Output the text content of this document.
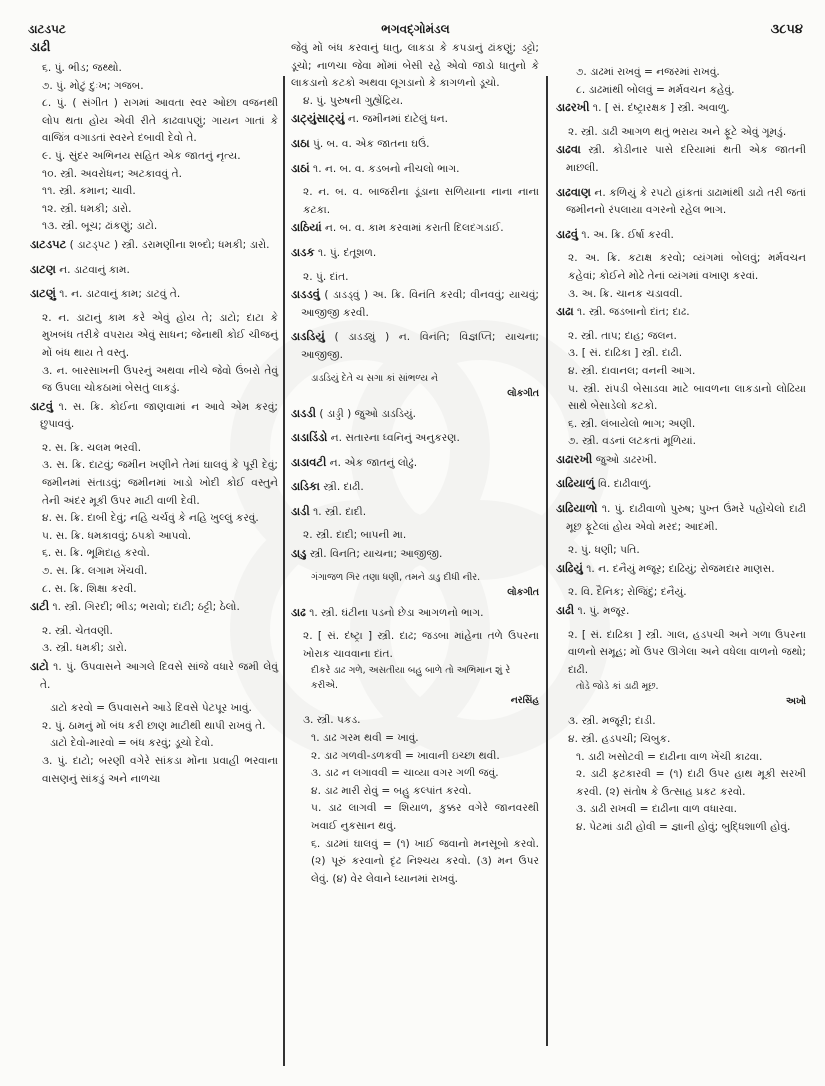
ડાટડપટ	ભગવદ્ગોમંડલ	૩૮૫૪
ડાઢી
૬. પું. ભીડ; જથ્થો.
૭. પું. મોટું દુઃખ; ગજબ.
૮. પું. ( સંગીત ) રાગમાં આવતા સ્વર ઓછા વજનથી લોપ થતા હોય એવી રીતે કાઢવાપણું; ગાયન ગાતાં કે વાજિંત્ર વગાડતાં સ્વરને દબાવી દેવો તે.
૯. પું. સુંદર અભિનય સહિત એક જાતનું નૃત્ય.
૧૦. સ્ત્રી. અવરોધન; અટકાવવું તે.
૧૧. સ્ત્રી. કમાન; ચાવી.
૧૨. સ્ત્રી. ધમકી; ડારો.
૧૩. સ્ત્રી. બૂચ; ઢાંકણું; ડાટો.
ડાટડપટ ( ડાટડ્પટ ) સ્ત્રી. ડરામણીના શબ્દો; ધમકી; ડારો.
ડાટણ ન. ડાટવાનું કામ.
ડાટણું ૧. ન. ડાટવાનું કામ; ડાટવું તે.
૨. ન. ડાટાનું કામ કરે એવું હોય તે; ડાટો; દાટા કે મુખબંધ તરીકે વપરાય એવું સાધન; જેનાથી કોઈ ચીજનું મોં બંધ થાય તે વસ્તુ.
૩. ન. બારસાખની ઉપરનું અથવા નીચે જેવો ઉંબરો તેવું જ ઉપલા ચોકઠામાં બેસતું લાકડું.
ડાટવું ૧. સ. ક્રિ. કોઈના જાણવામાં ન આવે એમ કરવું; છુપાવવું.
૨. સ. ક્રિ. ચલમ ભરવી.
૩. સ. ક્રિ. દાટવું; જમીન ખણીને તેમાં ઘાલવું કે પૂરી દેવું; જમીનમાં સંતાડવું; જમીનમાં ખાડો ખોદી કોઈ વસ્તુને તેની અંદર મૂકી ઉપર માટી વાળી દેવી.
૪. સ. ક્રિ. દાબી દેવું; નહિ ચર્ચવું કે નહિ ખુલ્લું કરવું.
૫. સ. ક્રિ. ધમકાવવું; ઠપકો આપવો.
૬. સ. ક્રિ. ભૂમિદાહ કરવો.
૭. સ. ક્રિ. લગામ ખેંચવી.
૮. સ. ક્રિ. શિક્ષા કરવી.
ડાટી ૧. સ્ત્રી. ગિરદી; ભીડ; ભરાવો; દાટી; ઠટ્ટી; ઠેલો.
૨. સ્ત્રી. ચેતવણી.
૩. સ્ત્રી. ધમકી; ડારો.
ડાટો ૧. પું. ઉપવાસને આગલે દિવસે સાંજે વધારે જમી લેવું તે.
ડાટો કરવો = ઉપવાસને આડે દિવસે પેટપૂર ખાવું.
૨. પું. ઠામનું મોં બંધ કરી છાણ માટીથી થાપી રાખવું તે.
ડાટો દેવો-મારવો = બંધ કરવું; ડૂચો દેવો.
૩. પું. દાટો; બરણી વગેરે સાંકડા મોંના પ્રવાહી ભરવાના વાસણનું સાંકડું અને નાળચા
જેવું મોં બંધ કરવાનું ધાતુ, લાકડા કે કપડાનું ઢાંકણું; ડટ્ટો; ડૂચો; નાળચા જેવા મોંમાં બેસી રહે એવો જાડો ધાતુનો કે લાકડાનો કટકો અથવા લૂગડાનો કે કાગળનો ડૂચો.
૪. પું. પુરુષની ગુહ્યેંદ્રિય.
ડાટ્યુંસાટ્યું ન. જમીનમાં દાટેલું ધન.
ડાઠા પું. બ. વ. એક જાતના ઘઉં.
ડાઠાં ૧. ન. બ. વ. કડબનો નીચલો ભાગ.
૨. ન. બ. વ. બાજરીના ડૂંડાના સળિયાના નાના નાના કટકા.
ડાઠિયાં ન. બ. વ. કામ કરવામાં કરાતી દિલદગડાઈ.
ડાડક ૧. પું. દંતૂશળ.
૨. પું. દાંત.
ડાડડવું ( ડાડડ્વું ) અ. ક્રિ. વિનંતિ કરવી; વીનવવું; યાચવું; આજીજી કરવી.
ડાડડિયું ( ડાડડ્યું ) ન. વિનંતિ; વિજ્ઞપ્તિ; યાચના; આજીજી.
ડાડડિયું દેતે ચ સગા કાં સાંભળ્ય ને

લોકગીત
ડાડડી ( ડાડ્ડી ) જુઓ ડાડડિયું.
ડાડાડિંડો ન. સતારના ધ્વનિનું અનુકરણ.
ડાડાવટી ન. એક જાતનું લોઢું.
ડાડિકા સ્ત્રી. દાઢી.
ડાડી ૧. સ્ત્રી. દાદી.
૨. સ્ત્રી. દાદી; બાપની મા.
ડાડુ સ્ત્રી. વિનતિ; યાચના; આજીજી.
ગંગાજળ ગિર તણા ધણી, તમને ડાડુ દીધી નીર.

લોકગીત
ડાઢ ૧. સ્ત્રી. ઘંટીના પડનો છેડા આગળનો ભાગ.
૨. [ સં. દંષ્ટ્રા ] સ્ત્રી. દાઢ; જડબા માંહેના તળે ઉપરના ખોરાક ચાવવાના દાંત.
દીકરે ડાઢ ગળે, અસતીયા બહુ બાળે તો અભિમાન શું રે કરીએ.

નરસિંહ
૩. સ્ત્રી. પકડ.
૧. ડાઢ ગરમ થવી = ખાવું.
૨. ડાઢ ગળવી-ડળકવી = ખાવાની ઇચ્છા થવી.
૩. ડાઢ ન લગાવવી = ચાવ્યા વગર ગળી જવું.
૪. ડાઢ મારી રોવું = બહુ કલ્પાંત કરવો.
૫. ડાઢ લાગવી = શિયાળ, કુક્કર વગેરે જાનવરથી ખવાઈ નુકસાન થવું.
૬. ડાઢમાં ઘાલવું = (૧) ખાઈ જવાનો મનસૂબો કરવો. (૨) પૂરું કરવાનો દૃઢ નિશ્ચય કરવો. (૩) મન ઉપર લેવું. (૪) વેર લેવાને ધ્યાનમાં રાખવું.
૭. ડાઢમાં રાખવું = નજરમાં રાખવું.
૮. ડાઢમાંથી બોલવું = મર્મવચન કહેવું.
ડાઢરખી ૧. [ સં. દંષ્ટ્રારક્ષક ] સ્ત્રી. અવાળુ.
૨. સ્ત્રી. ડાઢી આગળ થતું ભરાય અને ફૂટે એવું ગૂમડું.
ડાઢવા સ્ત્રી. કોડીનાર પાસે દરિયામાં થતી એક જાતની માછલી.
ડાઢવાણ ન. કળિયું કે રપટો હાંકતાં ડાઢામાંથી ડાઢો તરી જતાં જમીનનો રંપલાયા વગરનો રહેલ ભાગ.
ડાઢવું ૧. અ. ક્રિ. ઈર્ષા કરવી.
૨. અ. ક્રિ. કટાક્ષ કરવો; વ્યંગમાં બોલવું; મર્મવચન કહેવાં; કોઈને મોઢે તેનાં વ્યંગમાં વખાણ કરવાં.
૩. અ. ક્રિ. ચાનક ચડાવવી.
ડાઢા ૧. સ્ત્રી. જડબાનો દાંત; દાઢ.
૨. સ્ત્રી. તાપ; દાહ; જલન.
૩. [ સં. દાઢિકા ] સ્ત્રી. દાઢી.
૪. સ્ત્રી. દાવાનલ; વનની આગ.
૫. સ્ત્રી. રાંપડી બેસાડવા માટે બાવળના લાકડાનો લોઢિયા સાથે બેસાડેલો કટકો.
૬. સ્ત્રી. લંબાયેલો ભાગ; અણી.
૭. સ્ત્રી. વડનાં લટકતાં મૂળિયાં.
ડાઢારખી જુઓ ડાઢરખી.
ડાઢિયાળું વિ. દાઢીવાળું.
ડાઢિયાળો ૧. પું. દાઢીવાળો પુરુષ; પુખ્ત ઉંમરે પહોંચેલો દાઢી મૂછ ફૂટેલાં હોય એવો મરદ; આદમી.
૨. પું. ધણી; પતિ.
ડાઢિયું ૧. ન. દનૈયું મજૂર; દાઢિયું; રોજમદાર માણસ.
૨. વિ. દૈનિક; રોજિંદું; દનૈયું.
ડાઢી ૧. પું. મજૂર.
૨. [ સં. દાઢિકા ] સ્ત્રી. ગાલ, હડપચી અને ગળા ઉપરના વાળનો સમૂહ; મોં ઉપર ઊગેલા અને વધેલા વાળનો જથો; દાઢી.
તોડે જોડે કાં ડાઢી મૂછ.

અખો
૩. સ્ત્રી. મજૂરી; દાડી.
૪. સ્ત્રી. હડપચી; ચિબુક.
૧. ડાઢી ખસોટવી = દાઢીના વાળ ખેંચી કાઢવા.
૨. ડાઢી ફટકારવી = (૧) દાઢી ઉપર હાથ મૂકી સરખી કરવી. (૨) સંતોષ કે ઉત્સાહ પ્રકટ કરવો.
૩. ડાઢી રાખવી = દાઢીના વાળ વધારવા.
૪. પેટમાં ડાઢી હોવી = જ્ઞાની હોવું; બુદ્ધિશાળી હોવું.
